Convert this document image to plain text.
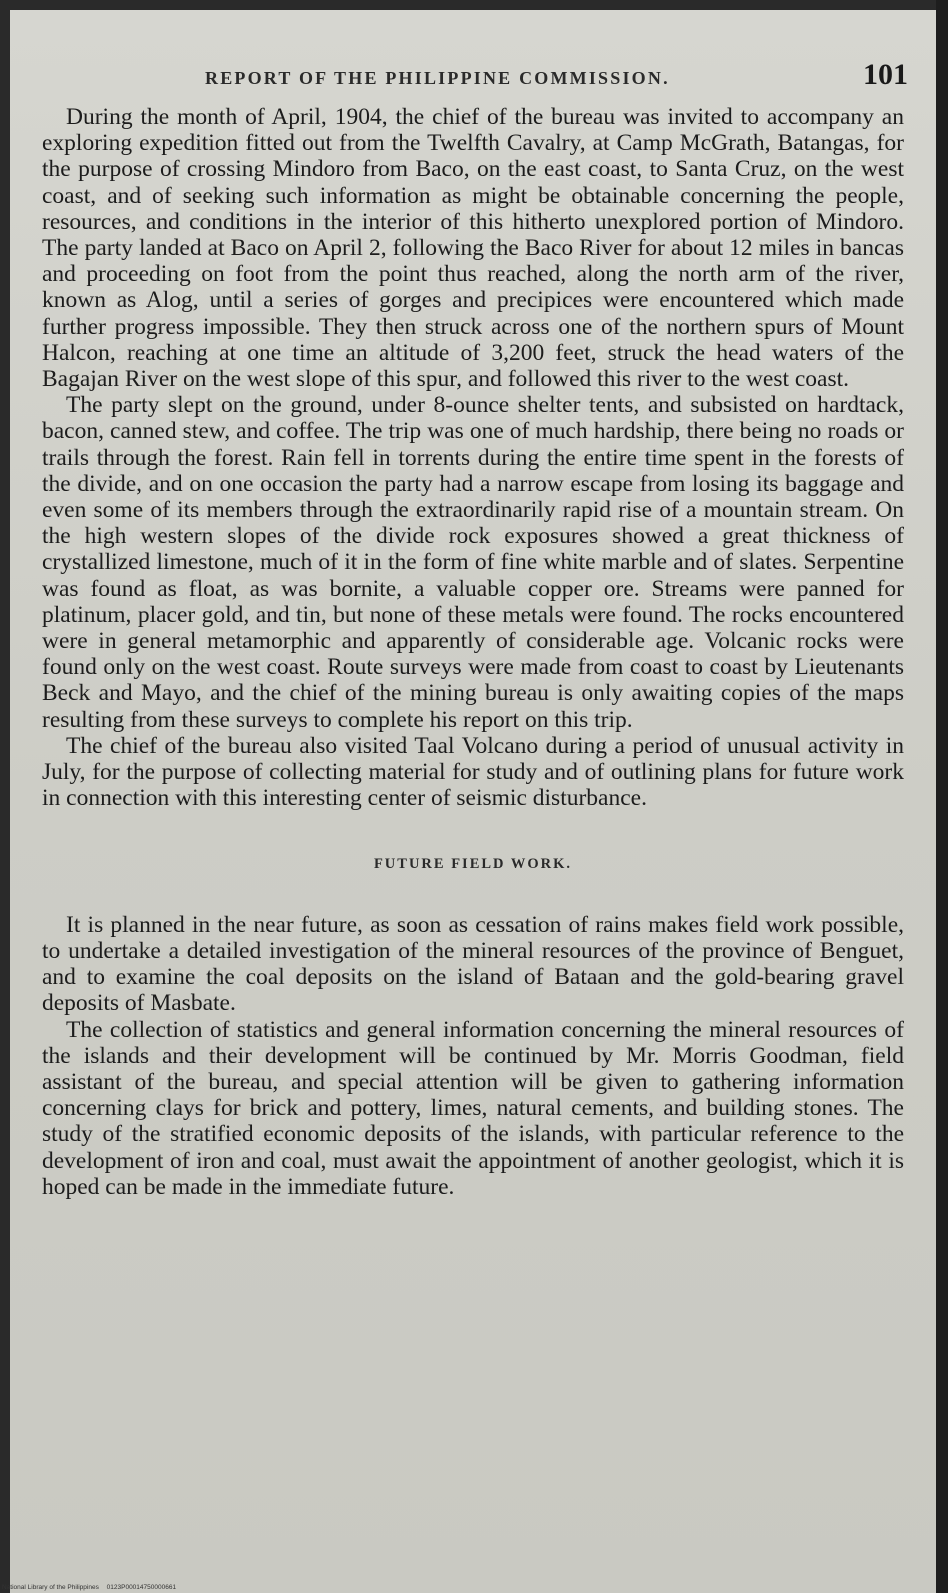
REPORT OF THE PHILIPPINE COMMISSION.	101

During the month of April, 1904, the chief of the bureau was invited to accompany an exploring expedition fitted out from the Twelfth Cavalry, at Camp McGrath, Batangas, for the purpose of crossing Mindoro from Baco, on the east coast, to Santa Cruz, on the west coast, and of seeking such information as might be obtainable concerning the people, resources, and conditions in the interior of this hitherto unexplored portion of Mindoro. The party landed at Baco on April 2, following the Baco River for about 12 miles in bancas and proceeding on foot from the point thus reached, along the north arm of the river, known as Alog, until a series of gorges and precipices were encountered which made further progress impossible. They then struck across one of the northern spurs of Mount Halcon, reaching at one time an altitude of 3,200 feet, struck the head waters of the Bagajan River on the west slope of this spur, and followed this river to the west coast.

The party slept on the ground, under 8-ounce shelter tents, and subsisted on hardtack, bacon, canned stew, and coffee. The trip was one of much hardship, there being no roads or trails through the forest. Rain fell in torrents during the entire time spent in the forests of the divide, and on one occasion the party had a narrow escape from losing its baggage and even some of its members through the extraordinarily rapid rise of a mountain stream. On the high western slopes of the divide rock exposures showed a great thickness of crystallized limestone, much of it in the form of fine white marble and of slates. Serpentine was found as float, as was bornite, a valuable copper ore. Streams were panned for platinum, placer gold, and tin, but none of these metals were found. The rocks encountered were in general metamorphic and apparently of considerable age. Volcanic rocks were found only on the west coast. Route surveys were made from coast to coast by Lieutenants Beck and Mayo, and the chief of the mining bureau is only awaiting copies of the maps resulting from these surveys to complete his report on this trip.

The chief of the bureau also visited Taal Volcano during a period of unusual activity in July, for the purpose of collecting material for study and of outlining plans for future work in connection with this interesting center of seismic disturbance.

FUTURE FIELD WORK.

It is planned in the near future, as soon as cessation of rains makes field work possible, to undertake a detailed investigation of the mineral resources of the province of Benguet, and to examine the coal deposits on the island of Bataan and the gold-bearing gravel deposits of Masbate.

The collection of statistics and general information concerning the mineral resources of the islands and their development will be continued by Mr. Morris Goodman, field assistant of the bureau, and special attention will be given to gathering information concerning clays for brick and pottery, limes, natural cements, and building stones. The study of the stratified economic deposits of the islands, with particular reference to the development of iron and coal, must await the appointment of another geologist, which it is hoped can be made in the immediate future.

National Library of the Philippines 0123P00014750000661
